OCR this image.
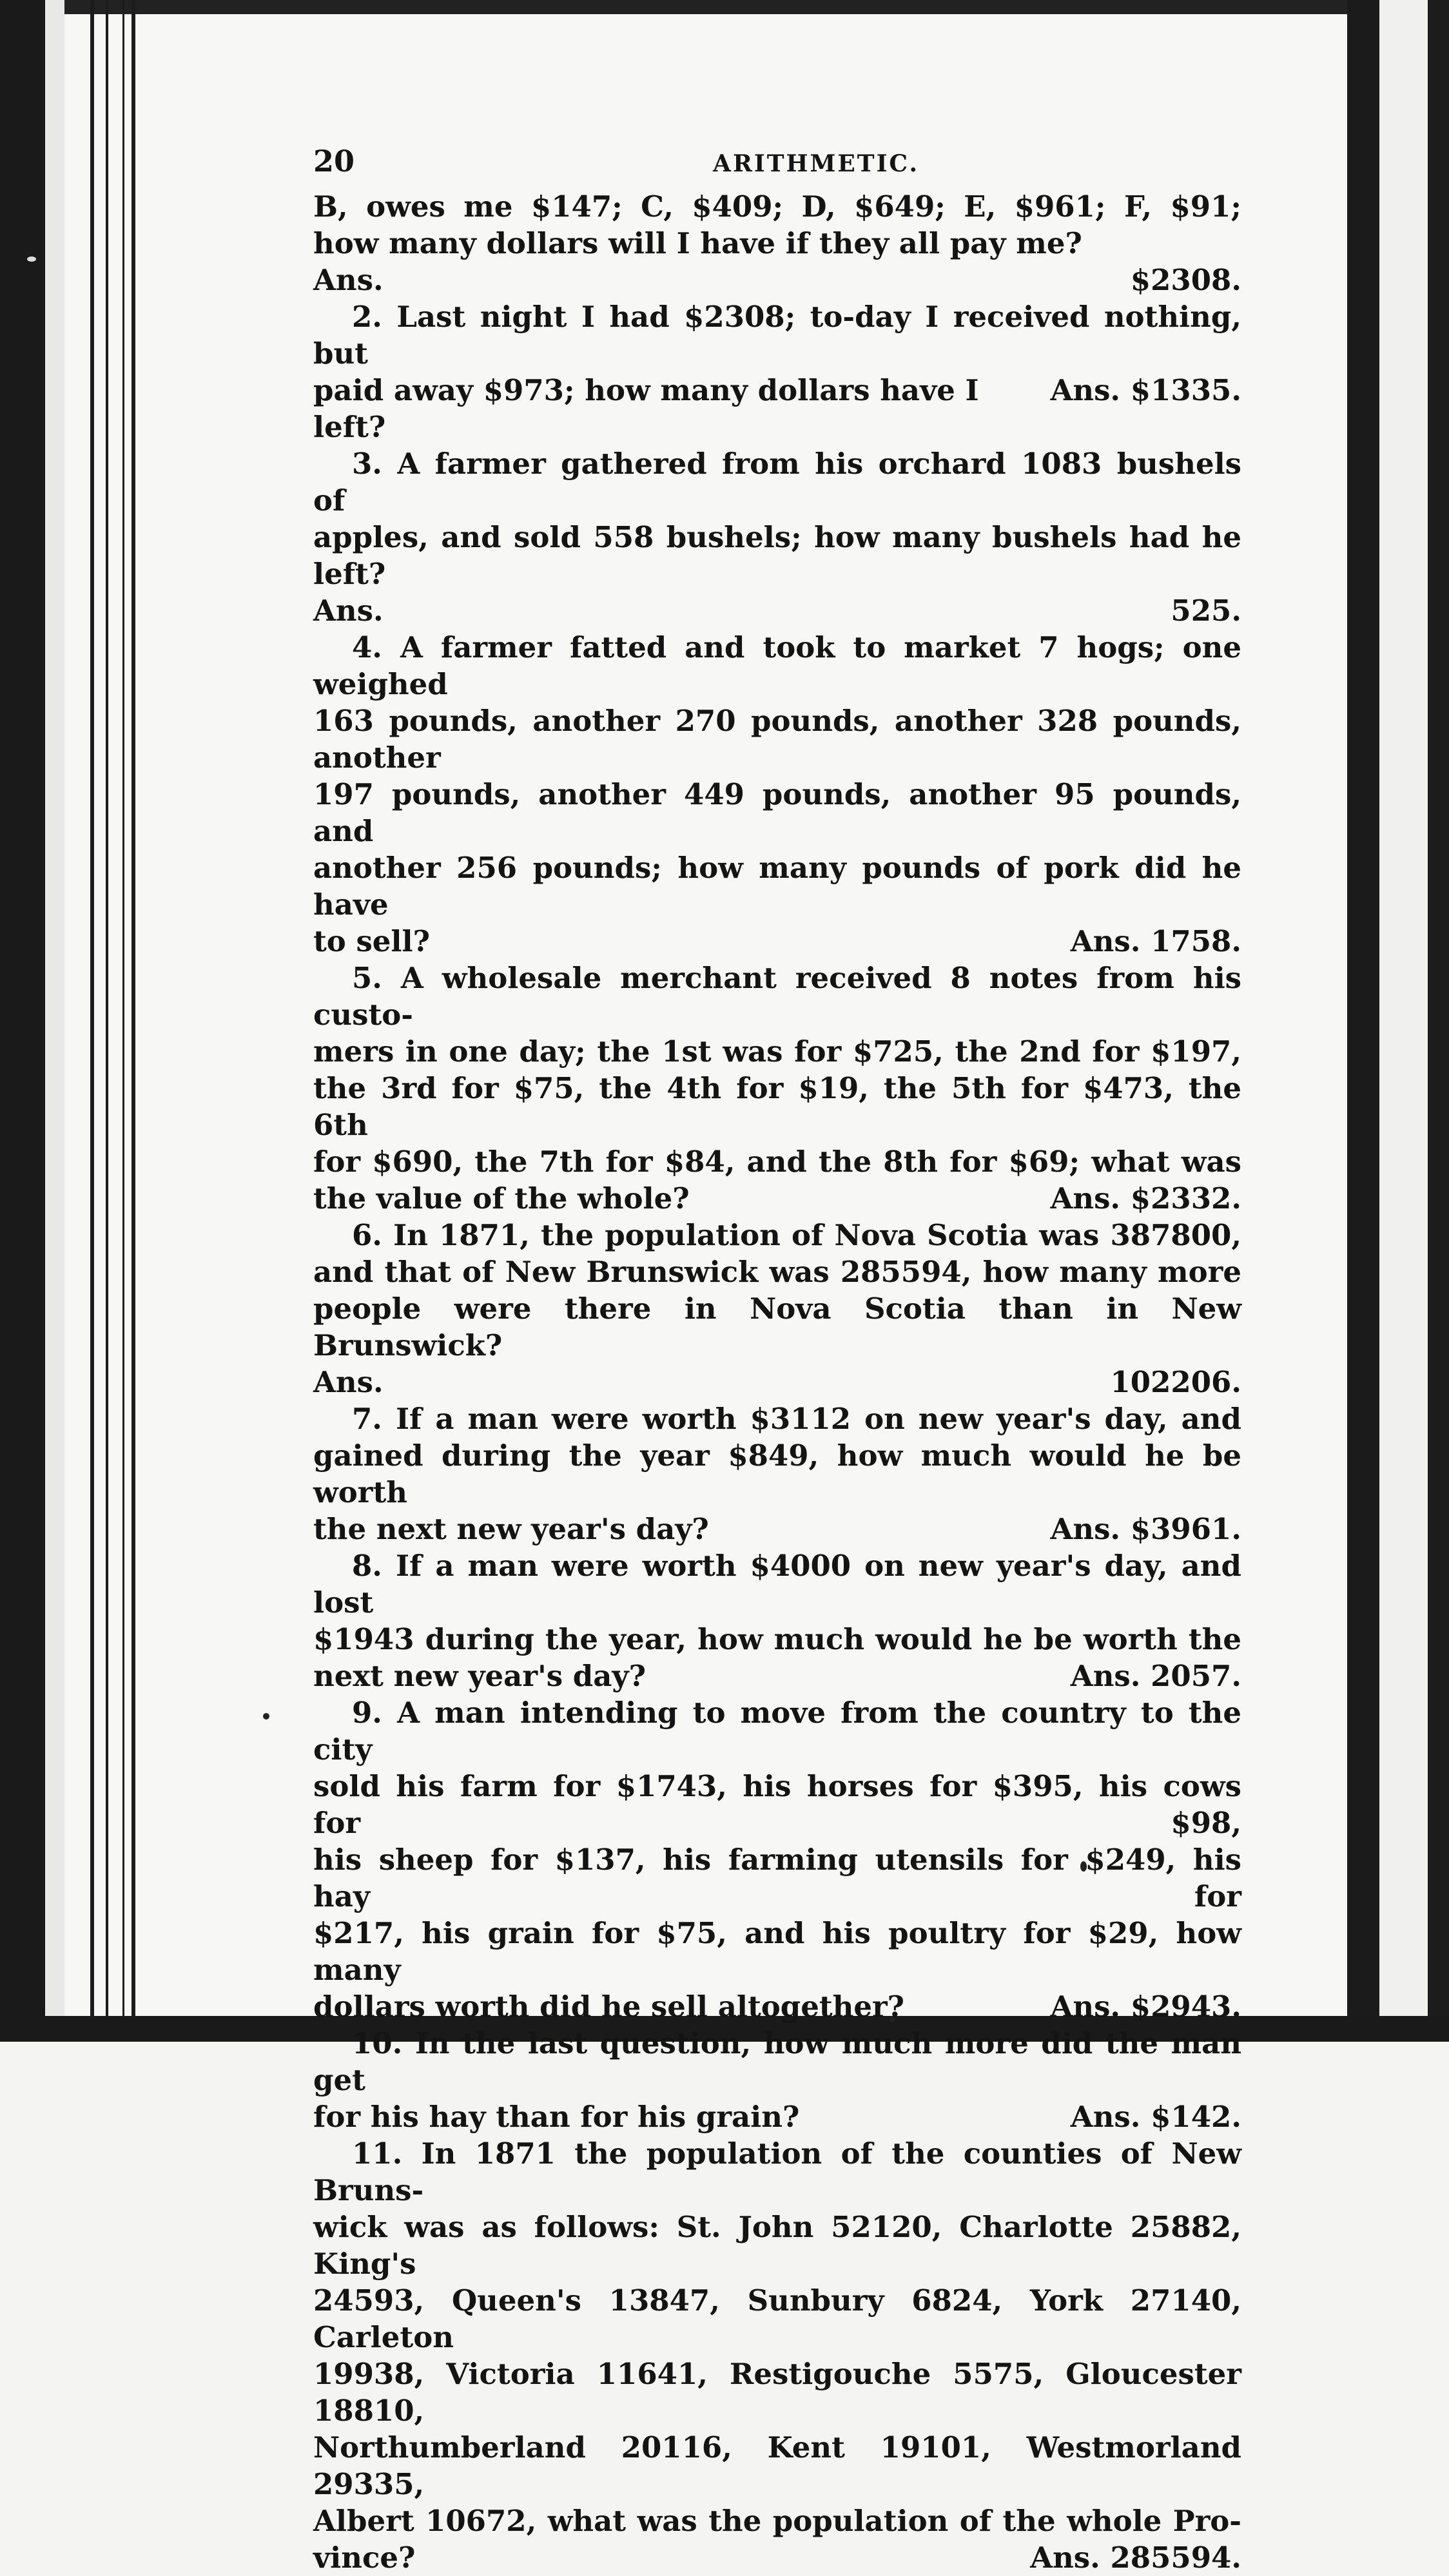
20	ARITHMETIC.

B, owes me $147; C, $409; D, $649; E, $961; F, $91;

how many dollars will I have if they all pay me?

Ans. $2308.

2. Last night I had $2308; to-day I received nothing, but

paid away $973; how many dollars have I left?
Ans. $1335.

3. A farmer gathered from his orchard 1083 bushels of

apples, and sold 558 bushels; how many bushels had he left?

Ans. 525.

4. A farmer fatted and took to market 7 hogs; one weighed

163 pounds, another 270 pounds, another 328 pounds, another

197 pounds, another 449 pounds, another 95 pounds, and

another 256 pounds; how many pounds of pork did he have

to sell?	Ans. 1758.

5. A wholesale merchant received 8 notes from his custo-

mers in one day; the 1st was for $725, the 2nd for $197,

the 3rd for $75, the 4th for $19, the 5th for $473, the 6th

for $690, the 7th for $84, and the 8th for $69; what was

the value of the whole?	Ans. $2332.

6. In 1871, the population of Nova Scotia was 387800,

and that of New Brunswick was 285594, how many more

people were there in Nova Scotia than in New Brunswick?

Ans. 102206.

7. If a man were worth $3112 on new year's day, and

gained during the year $849, how much would he be worth

the next new year's day?	Ans. $3961.

8. If a man were worth $4000 on new year's day, and lost

$1943 during the year, how much would he be worth the

next new year's day?	Ans. 2057.

9. A man intending to move from the country to the city

sold his farm for $1743, his horses for $395, his cows for $98,

his sheep for $137, his farming utensils for $249, his hay for

$217, his grain for $75, and his poultry for $29, how many

dollars worth did he sell altogether?	Ans. $2943.

10. In the last question, how much more did the man get

for his hay than for his grain?	Ans. $142.

11. In 1871 the population of the counties of New Bruns-

wick was as follows: St. John 52120, Charlotte 25882, King's

24593, Queen's 13847, Sunbury 6824, York 27140, Carleton

19938, Victoria 11641, Restigouche 5575, Gloucester 18810,

Northumberland 20116, Kent 19101, Westmorland 29335,

Albert 10672, what was the population of the whole Pro-

vince?	Ans. 285594.
